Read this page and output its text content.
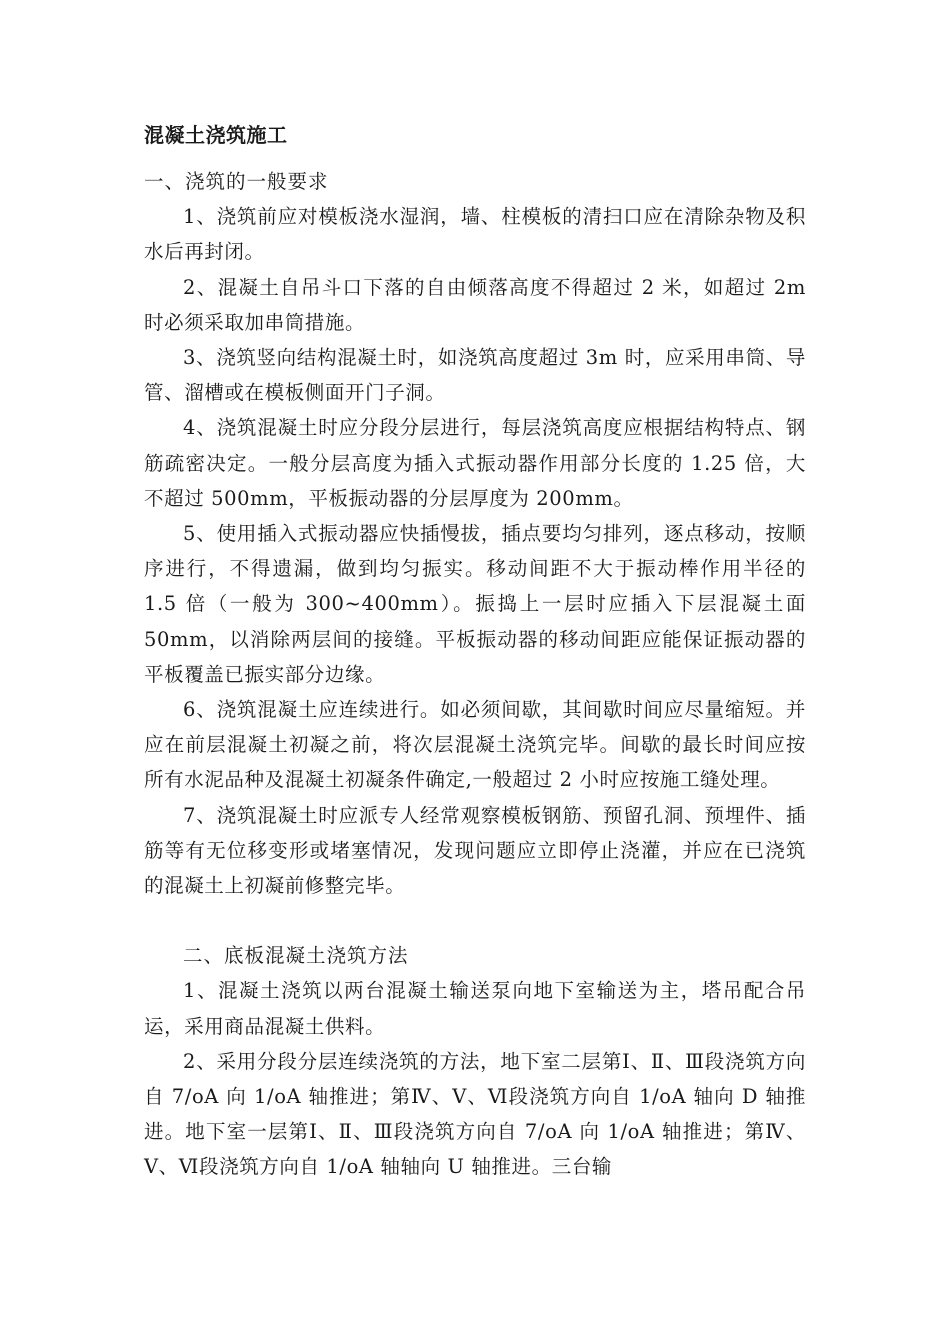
混凝土浇筑施工

一、浇筑的一般要求

1、浇筑前应对模板浇水湿润，墙、柱模板的清扫口应在清除杂物及积水后再封闭。

2、混凝土自吊斗口下落的自由倾落高度不得超过 2 米，如超过 2m 时必须采取加串筒措施。

3、浇筑竖向结构混凝土时，如浇筑高度超过 3m 时，应采用串筒、导管、溜槽或在模板侧面开门子洞。

4、浇筑混凝土时应分段分层进行，每层浇筑高度应根据结构特点、钢筋疏密决定。一般分层高度为插入式振动器作用部分长度的 1.25 倍，大不超过 500mm，平板振动器的分层厚度为 200mm。

5、使用插入式振动器应快插慢拔，插点要均匀排列，逐点移动，按顺序进行，不得遗漏，做到均匀振实。移动间距不大于振动棒作用半径的 1.5 倍（一般为 300~400mm）。振捣上一层时应插入下层混凝土面 50mm，以消除两层间的接缝。平板振动器的移动间距应能保证振动器的平板覆盖已振实部分边缘。

6、浇筑混凝土应连续进行。如必须间歇，其间歇时间应尽量缩短。并应在前层混凝土初凝之前，将次层混凝土浇筑完毕。间歇的最长时间应按所有水泥品种及混凝土初凝条件确定,一般超过 2 小时应按施工缝处理。

7、浇筑混凝土时应派专人经常观察模板钢筋、预留孔洞、预埋件、插筋等有无位移变形或堵塞情况，发现问题应立即停止浇灌，并应在已浇筑的混凝土上初凝前修整完毕。

二、底板混凝土浇筑方法

1、混凝土浇筑以两台混凝土输送泵向地下室输送为主，塔吊配合吊运，采用商品混凝土供料。

2、采用分段分层连续浇筑的方法，地下室二层第Ⅰ、Ⅱ、Ⅲ段浇筑方向自 7/oA 向 1/oA 轴推进；第Ⅳ、Ⅴ、Ⅵ段浇筑方向自 1/oA 轴向 D 轴推进。地下室一层第Ⅰ、Ⅱ、Ⅲ段浇筑方向自 7/oA 向 1/oA 轴推进；第Ⅳ、Ⅴ、Ⅵ段浇筑方向自 1/oA 轴轴向 U 轴推进。三台输
